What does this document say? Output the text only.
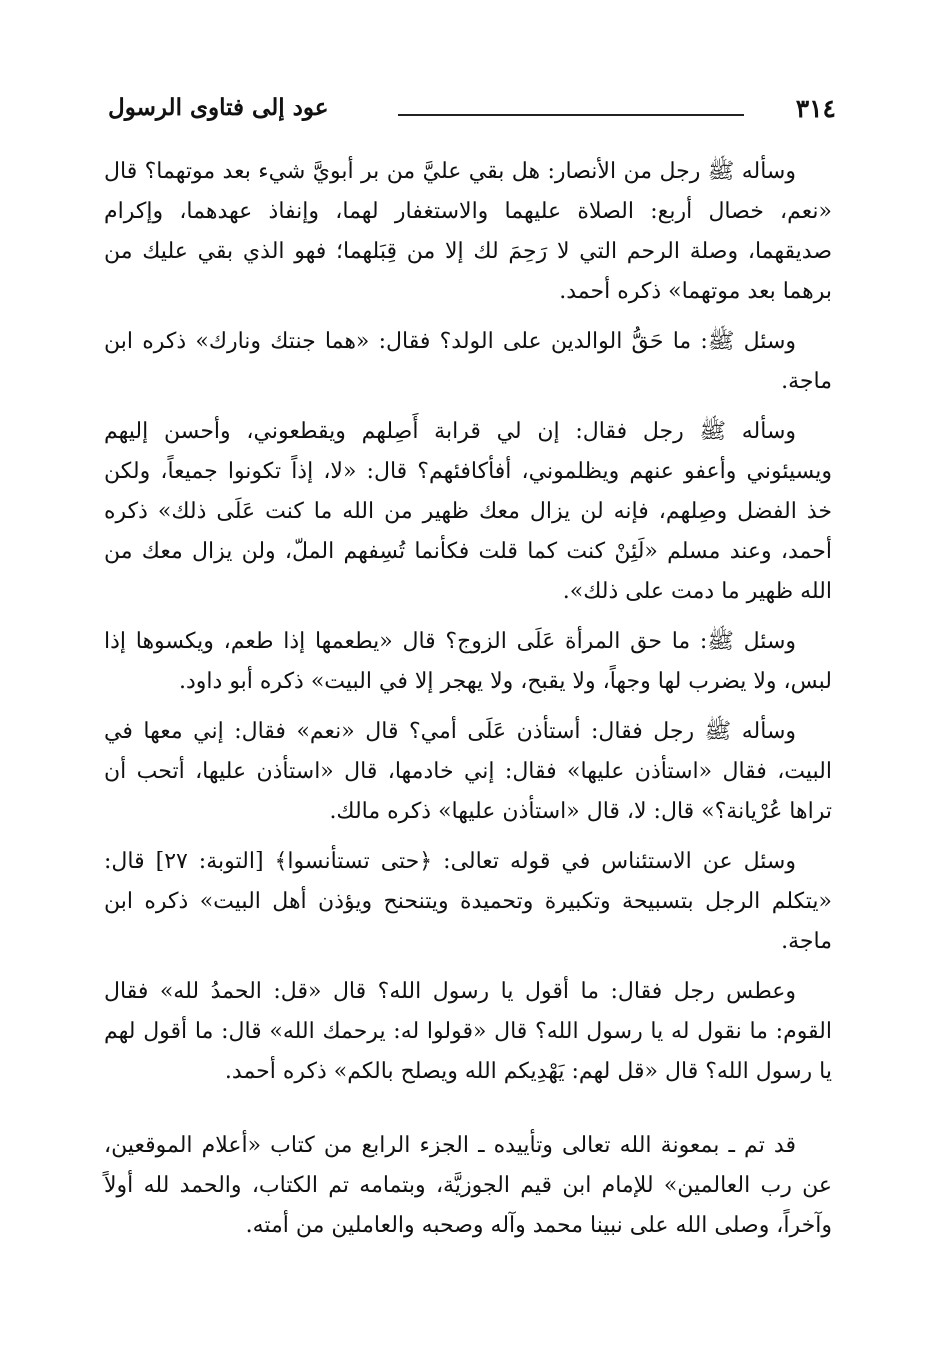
٣١٤
عود إلى فتاوى الرسول

وسأله ﷺ رجل من الأنصار: هل بقي عليَّ من بر أبويَّ شيء بعد موتهما؟ قال «نعم، خصال أربع: الصلاة عليهما والاستغفار لهما، وإنفاذ عهدهما، وإكرام صديقهما، وصلة الرحم التي لا رَحِمَ لك إلا من قِبَلهما؛ فهو الذي بقي عليك من برهما بعد موتهما» ذكره أحمد.

وسئل ﷺ: ما حَقُّ الوالدين على الولد؟ فقال: «هما جنتك ونارك» ذكره ابن ماجة.

وسأله ﷺ رجل فقال: إن لي قرابة أَصِلهم ويقطعوني، وأحسن إليهم ويسيئوني وأعفو عنهم ويظلموني، أفأكافئهم؟ قال: «لا، إذاً تكونوا جميعاً، ولكن خذ الفضل وصِلهم، فإنه لن يزال معك ظهير من الله ما كنت عَلَى ذلك» ذكره أحمد، وعند مسلم «لَئِنْ كنت كما قلت فكأنما تُسِفهم الملّ، ولن يزال معك من الله ظهير ما دمت على ذلك».

وسئل ﷺ: ما حق المرأة عَلَى الزوج؟ قال «يطعمها إذا طعم، ويكسوها إذا لبس، ولا يضرب لها وجهاً، ولا يقبح، ولا يهجر إلا في البيت» ذكره أبو داود.

وسأله ﷺ رجل فقال: أستأذن عَلَى أمي؟ قال «نعم» فقال: إني معها في البيت، فقال «استأذن عليها» فقال: إني خادمها، قال «استأذن عليها، أتحب أن تراها عُرْيانة؟» قال: لا، قال «استأذن عليها» ذكره مالك.

وسئل عن الاستئناس في قوله تعالى: ﴿حتى تستأنسوا﴾ [التوبة: ٢٧] قال: «يتكلم الرجل بتسبيحة وتكبيرة وتحميدة ويتنحنح ويؤذن أهل البيت» ذكره ابن ماجة.

وعطس رجل فقال: ما أقول يا رسول الله؟ قال «قل: الحمدُ لله» فقال القوم: ما نقول له يا رسول الله؟ قال «قولوا له: يرحمك الله» قال: ما أقول لهم يا رسول الله؟ قال «قل لهم: يَهْدِيكم الله ويصلح بالكم» ذكره أحمد.

قد تم ـ بمعونة الله تعالى وتأييده ـ الجزء الرابع من كتاب «أعلام الموقعين، عن رب العالمين» للإمام ابن قيم الجوزيَّة، وبتمامه تم الكتاب، والحمد لله أولاً وآخراً، وصلى الله على نبينا محمد وآله وصحبه والعاملين من أمته.
